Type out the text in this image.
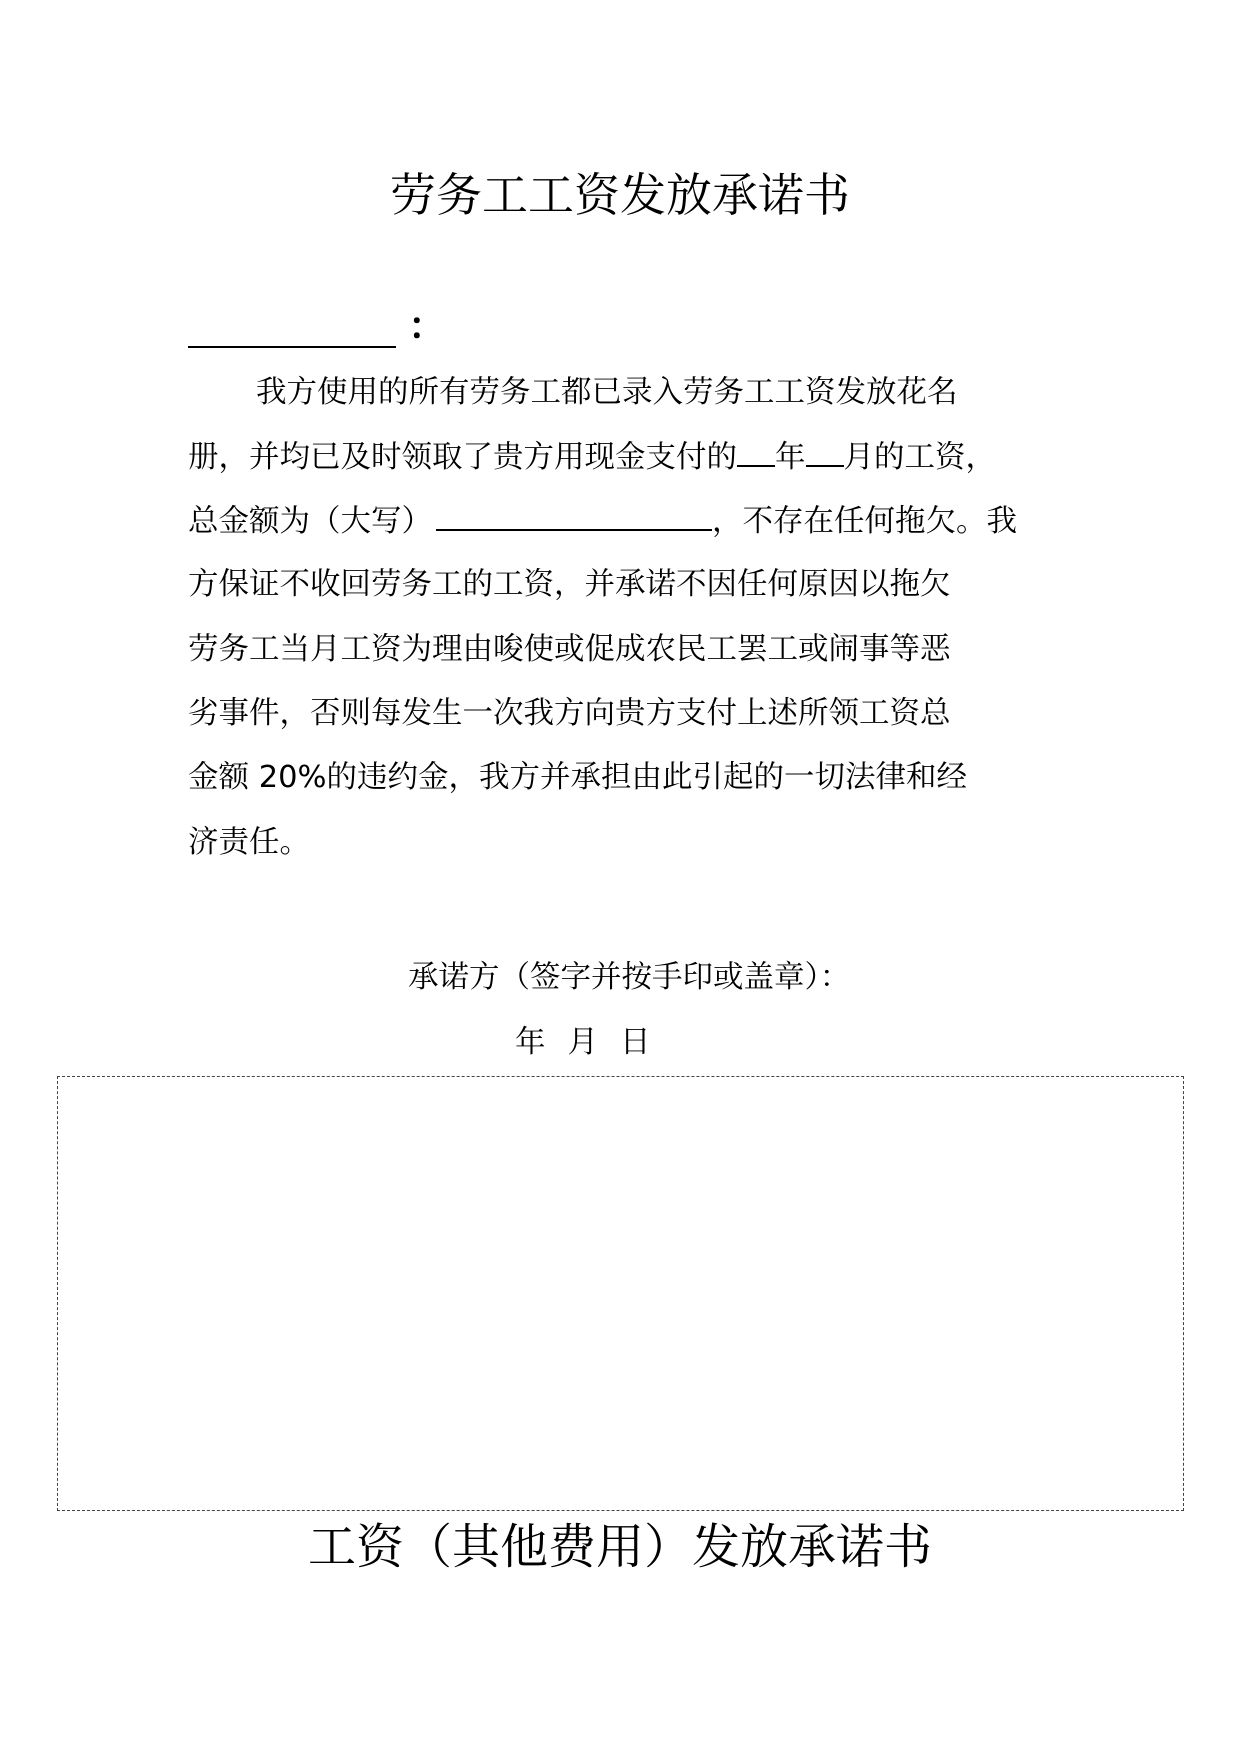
劳务工工资发放承诺书
：
我方使用的所有劳务工都已录入劳务工工资发放花名
册，并均已及时领取了贵方用现金支付的 年 月的工资，
总金额为（大写）	，不存在任何拖欠。我
方保证不收回劳务工的工资，并承诺不因任何原因以拖欠
劳务工当月工资为理由唆使或促成农民工罢工或闹事等恶
劣事件，否则每发生一次我方向贵方支付上述所领工资总
金额 20%的违约金，我方并承担由此引起的一切法律和经
济责任。
承诺方（签字并按手印或盖章）：
年 月 日
工资（其他费用）发放承诺书
